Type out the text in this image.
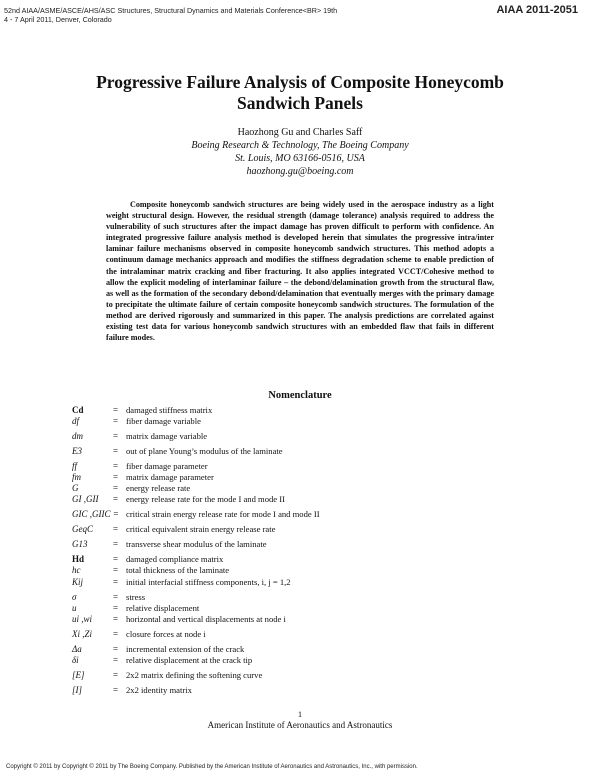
52nd AIAA/ASME/ASCE/AHS/ASC Structures, Structural Dynamics and Materials Conference<BR> 19th
4 - 7 April 2011, Denver, Colorado
AIAA 2011-2051
Progressive Failure Analysis of Composite Honeycomb Sandwich Panels
Haozhong Gu and Charles Saff
Boeing Research & Technology, The Boeing Company
St. Louis, MO 63166-0516, USA
haozhong.gu@boeing.com

Composite honeycomb sandwich structures are being widely used in the aerospace industry as a light weight structural design. However, the residual strength (damage tolerance) analysis required to address the vulnerability of such structures after the impact damage has proven difficult to perform with confidence. An integrated progressive failure analysis method is developed herein that simulates the progressive intra/inter laminar failure mechanisms observed in composite honeycomb sandwich structures. This method adopts a continuum damage mechanics approach and modifies the stiffness degradation scheme to enable prediction of the intralaminar matrix cracking and fiber fracturing. It also applies integrated VCCT/Cohesive method to allow the explicit modeling of interlaminar failure – the debond/delamination growth from the structural flaw, as well as the formation of the secondary debond/delamination that eventually merges with the primary damage to precipitate the ultimate failure of certain composite honeycomb sandwich structures. The formulation of the method are derived rigorously and summarized in this paper. The analysis predictions are correlated against existing test data for various honeycomb sandwich structures with an embedded flaw that fails in different failure modes.

Nomenclature
Cd	= damaged stiffness matrix
df	= fiber damage variable
dm	= matrix damage variable
E3	= out of plane Young’s modulus of the laminate
ff	= fiber damage parameter
fm	= matrix damage parameter
G	= energy release rate
GI ,GII = energy release rate for the mode I and mode II
GIC ,GIIC = critical strain energy release rate for mode I and mode II
GeqC = critical equivalent strain energy release rate
G13	= transverse shear modulus of the laminate
Hd	= damaged compliance matrix
hc	= total thickness of the laminate
Kij	= initial interfacial stiffness components, i, j = 1,2
σ	= stress
u	= relative displacement
ui ,wi = horizontal and vertical displacements at node i
Xi ,Zi = closure forces at node i
Δa	= incremental extension of the crack
δi	= relative displacement at the crack tip
[E]	= 2x2 matrix defining the softening curve
[I]	= 2x2 identity matrix
1
American Institute of Aeronautics and Astronautics
Copyright © 2011 by Copyright © 2011 by The Boeing Company. Published by the American Institute of Aeronautics and Astronautics, Inc., with permission.
